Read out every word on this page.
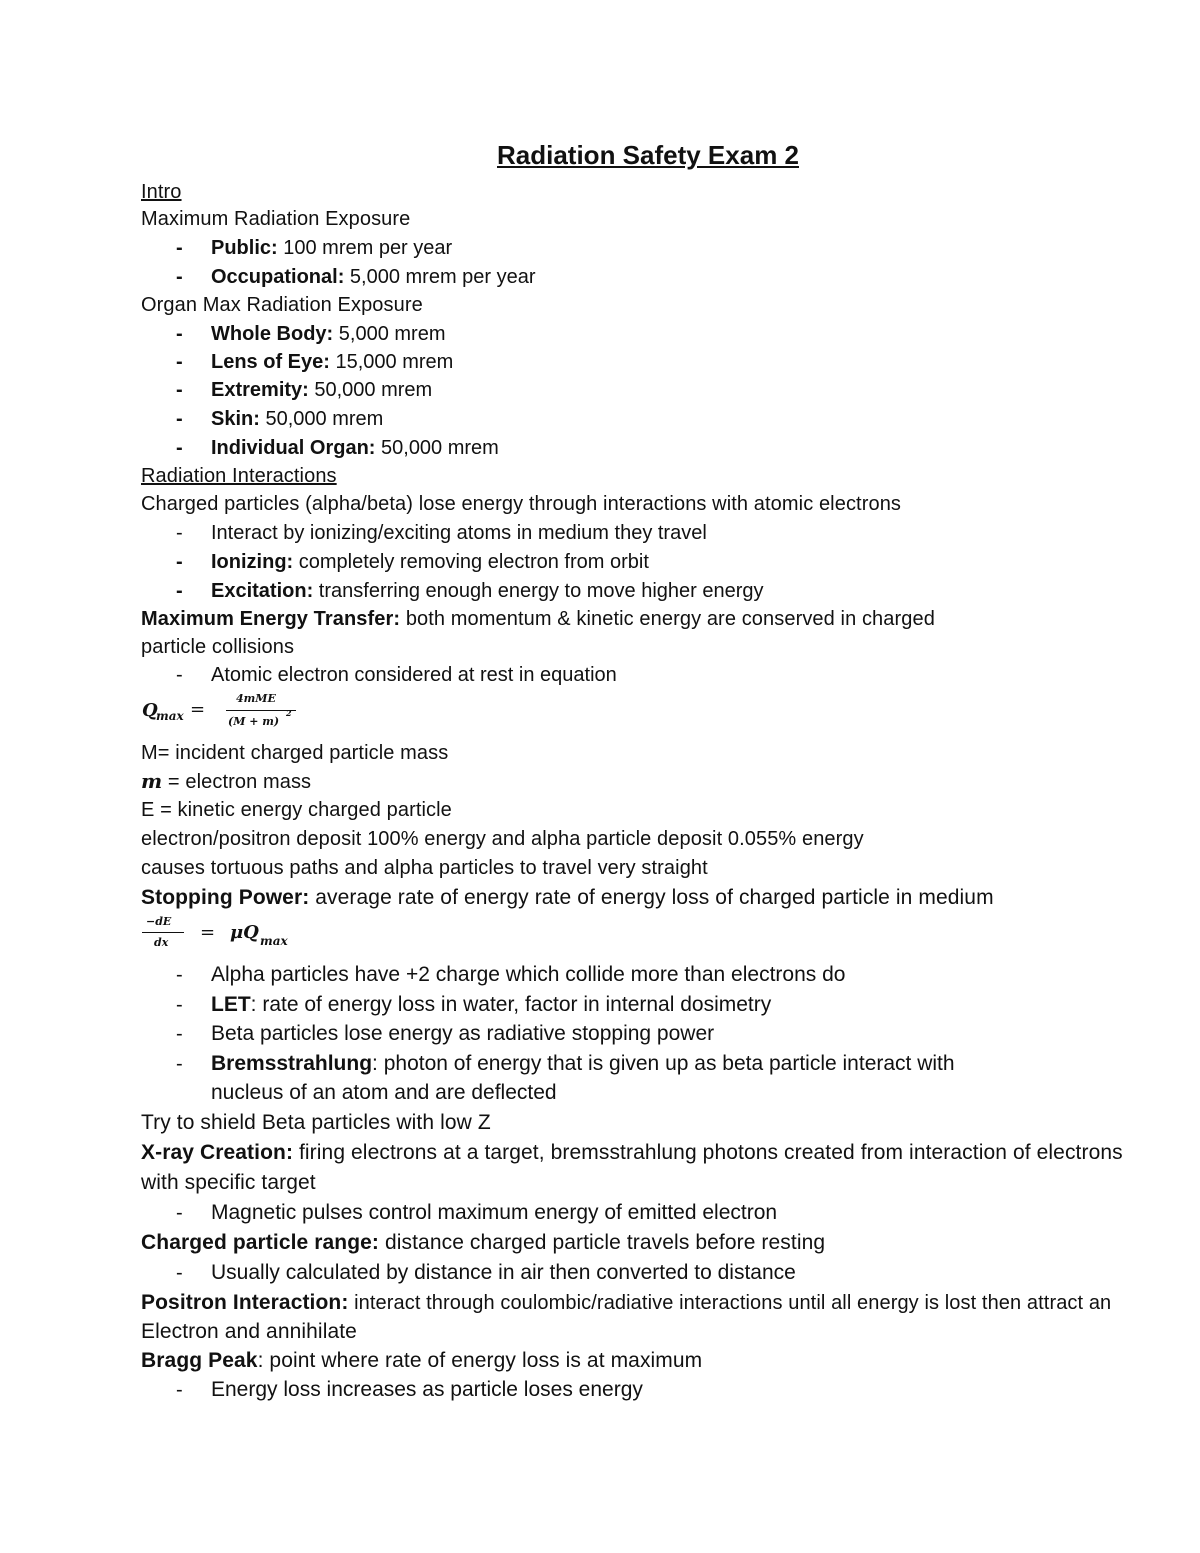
Radiation Safety Exam 2
Intro
Maximum Radiation Exposure
- Public: 100 mrem per year
- Occupational: 5,000 mrem per year
Organ Max Radiation Exposure
- Whole Body: 5,000 mrem
- Lens of Eye: 15,000 mrem
- Extremity: 50,000 mrem
- Skin: 50,000 mrem
- Individual Organ: 50,000 mrem
Radiation Interactions
Charged particles (alpha/beta) lose energy through interactions with atomic electrons
- Interact by ionizing/exciting atoms in medium they travel
- Ionizing: completely removing electron from orbit
- Excitation: transferring enough energy to move higher energy
Maximum Energy Transfer: both momentum & kinetic energy are conserved in charged
particle collisions
- Atomic electron considered at rest in equation
Q
max =
4mME
(M + m)
2
M= incident charged particle mass
m = electron mass
E = kinetic energy charged particle
electron/positron deposit 100% energy and alpha particle deposit 0.055% energy
causes tortuous paths and alpha particles to travel very straight
Stopping Power: average rate of energy rate of energy loss of charged particle in medium
−dE
dx = μQ max
- Alpha particles have +2 charge which collide more than electrons do
- LET: rate of energy loss in water, factor in internal dosimetry
- Beta particles lose energy as radiative stopping power
- Bremsstrahlung: photon of energy that is given up as beta particle interact with
nucleus of an atom and are deflected
Try to shield Beta particles with low Z
X-ray Creation: firing electrons at a target, bremsstrahlung photons created from interaction of electrons
with specific target
- Magnetic pulses control maximum energy of emitted electron
Charged particle range: distance charged particle travels before resting
- Usually calculated by distance in air then converted to distance
Positron Interaction: interact through coulombic/radiative interactions until all energy is lost then attract an
Electron and annihilate
Bragg Peak: point where rate of energy loss is at maximum
- Energy loss increases as particle loses energy
